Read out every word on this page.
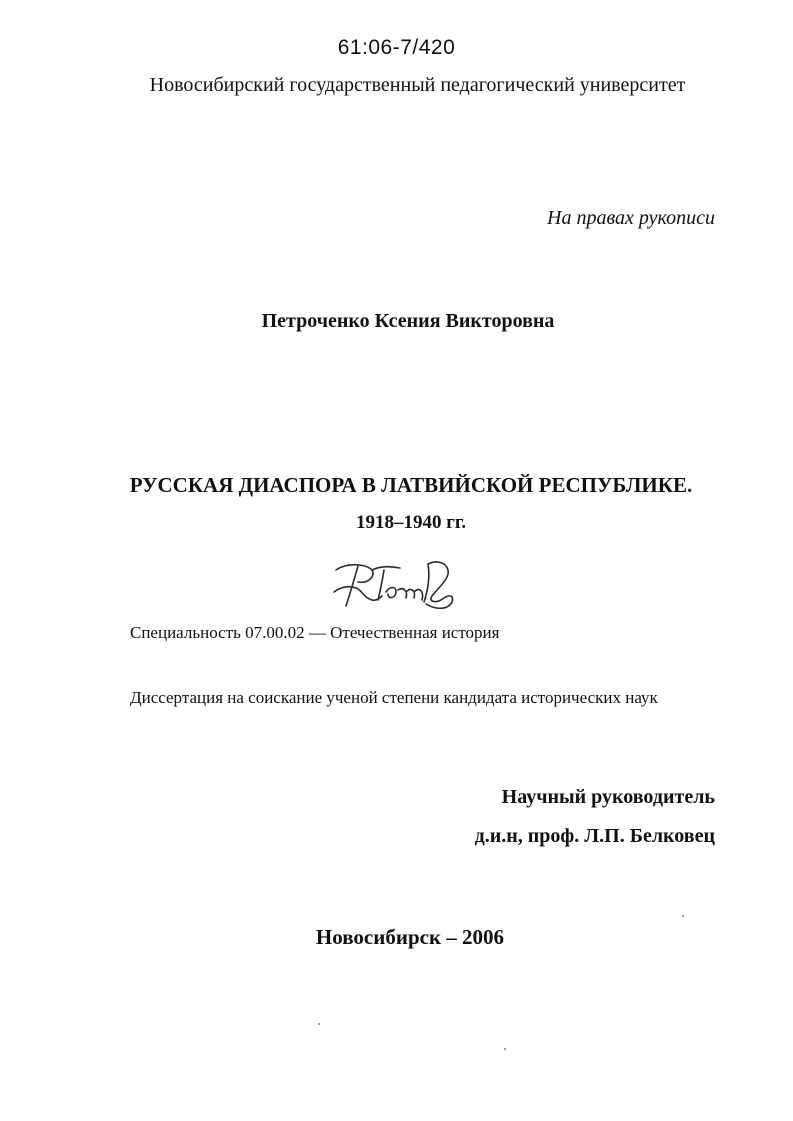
61:06-7/420
Новосибирский государственный педагогический университет
На правах рукописи
Петроченко Ксения Викторовна
РУССКАЯ ДИАСПОРА В ЛАТВИЙСКОЙ РЕСПУБЛИКЕ.
1918–1940 гг.
Специальность 07.00.02 — Отечественная история
Диссертация на соискание ученой степени кандидата исторических наук
Научный руководитель
д.и.н, проф. Л.П. Белковец
Новосибирск – 2006
